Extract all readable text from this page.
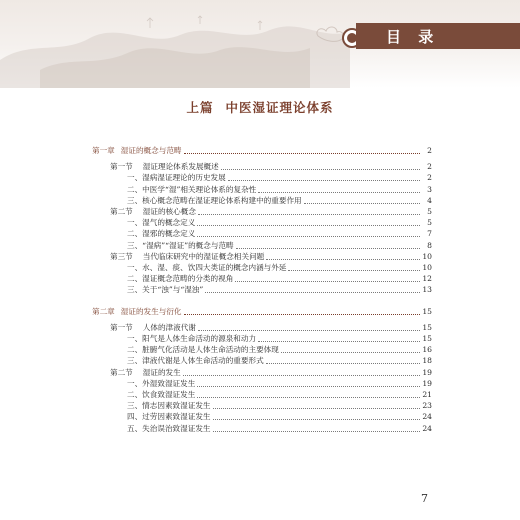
目 录
上篇 中医湿证理论体系
第一章 湿证的概念与范畴	2
第一节 湿证理论体系发展概述	2
一、湿病湿证理论的历史发展	2
二、中医学“湿”相关理论体系的复杂性	3
三、核心概念范畴在湿证理论体系构建中的重要作用	4
第二节 湿证的核心概念	5
一、湿气的概念定义	5
二、湿邪的概念定义	7
三、“湿病”“湿证”的概念与范畴	8
第三节 当代临床研究中的湿证概念相关问题	10
一、水、湿、痰、饮四大类证的概念内涵与外延	10
二、湿证概念范畴的分类的视角	12
三、关于“浊”与“湿浊”	13
第二章 湿证的发生与衍化	15
第一节 人体的津液代谢	15
一、阳气是人体生命活动的源泉和动力	15
二、脏腑气化活动是人体生命活动的主要体现	16
三、津液代谢是人体生命活动的重要形式	18
第二节 湿证的发生	19
一、外湿致湿证发生	19
二、饮食致湿证发生	21
三、情志因素致湿证发生	23
四、过劳因素致湿证发生	24
五、失治误治致湿证发生	24
7
